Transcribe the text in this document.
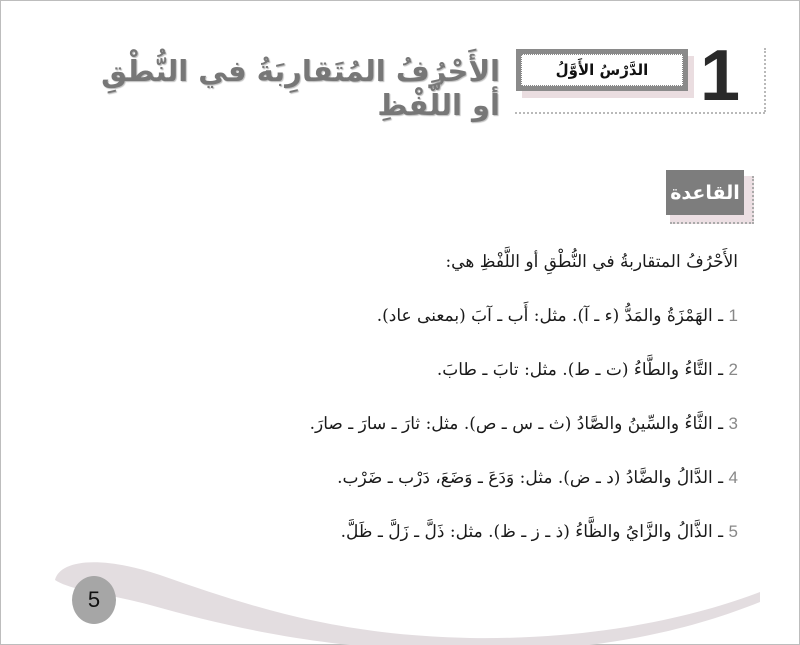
1
الدَّرْسُ الأَوَّلُ
الأَحْرُفُ المُتَقارِبَةُ في النُّطْقِ أو اللَّفْظِ
القاعدة
الأَحْرُفُ المتقاربةُ في النُّطْقِ أو اللَّفْظِ هي:
1 ـ الهَمْزَةُ والمَدُّ (ء ـ آ). مثل: أَب ـ آبَ (بمعنى عاد).
2 ـ التَّاءُ والطَّاءُ (ت ـ ط). مثل: تابَ ـ طابَ.
3 ـ الثَّاءُ والسِّينُ والصَّادُ (ث ـ س ـ ص). مثل: ثارَ ـ سارَ ـ صارَ.
4 ـ الدَّالُ والضَّادُ (د ـ ض). مثل: وَدَعَ ـ وَضَعَ، دَرْب ـ ضَرْب.
5 ـ الذَّالُ والزَّايُ والظَّاءُ (ذ ـ ز ـ ظ). مثل: ذَلَّ ـ زَلَّ ـ ظَلَّ.
5
